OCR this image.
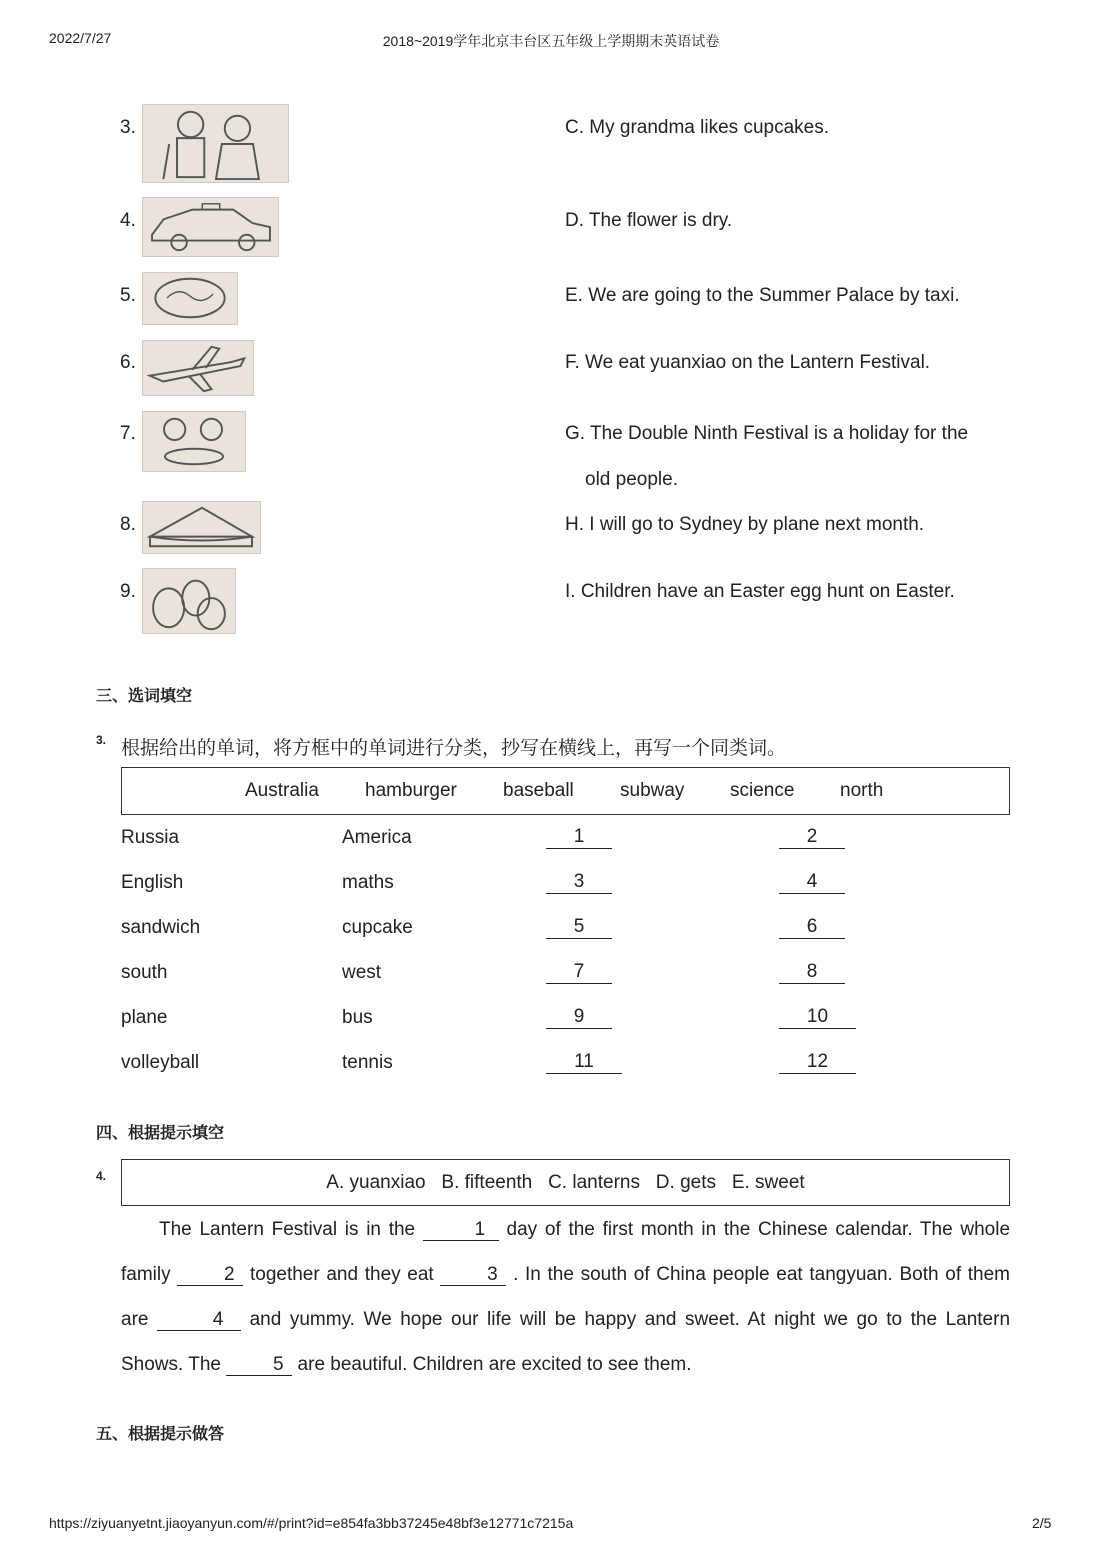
2022/7/27	2018~2019学年北京丰台区五年级上学期期末英语试卷
3.
4.
5.
6.
7.
8.
9.
C. My grandma likes cupcakes.
D. The flower is dry.
E. We are going to the Summer Palace by taxi.
F. We eat yuanxiao on the Lantern Festival.
G. The Double Ninth Festival is a holiday for the
old people.
H. I will go to Sydney by plane next month.
I. Children have an Easter egg hunt on Easter.
三、选词填空
3. 根据给出的单词，将方框中的单词进行分类，抄写在横线上，再写一个同类词。
Australia hamburger baseball subway science north
Russia	America	1	2
English	maths	3	4
sandwich	cupcake	5	6
south	west	7	8
plane	bus	9	10
volleyball	tennis	11	12
四、根据提示填空
4.	A. yuanxiao   B. fifteenth   C. lanterns   D. gets   E. sweet
The Lantern Festival is in the	1 day of the first month in the Chinese calendar. The whole family	2 together and they eat	3 . In the south of China people eat tangyuan. Both of them are	4 and yummy. We hope our life will be happy and sweet. At night we go to the Lantern Shows. The	5 are beautiful. Children are excited to see them.
五、根据提示做答
https://ziyuanyetnt.jiaoyanyun.com/#/print?id=e854fa3bb37245e48bf3e12771c7215a	2/5
